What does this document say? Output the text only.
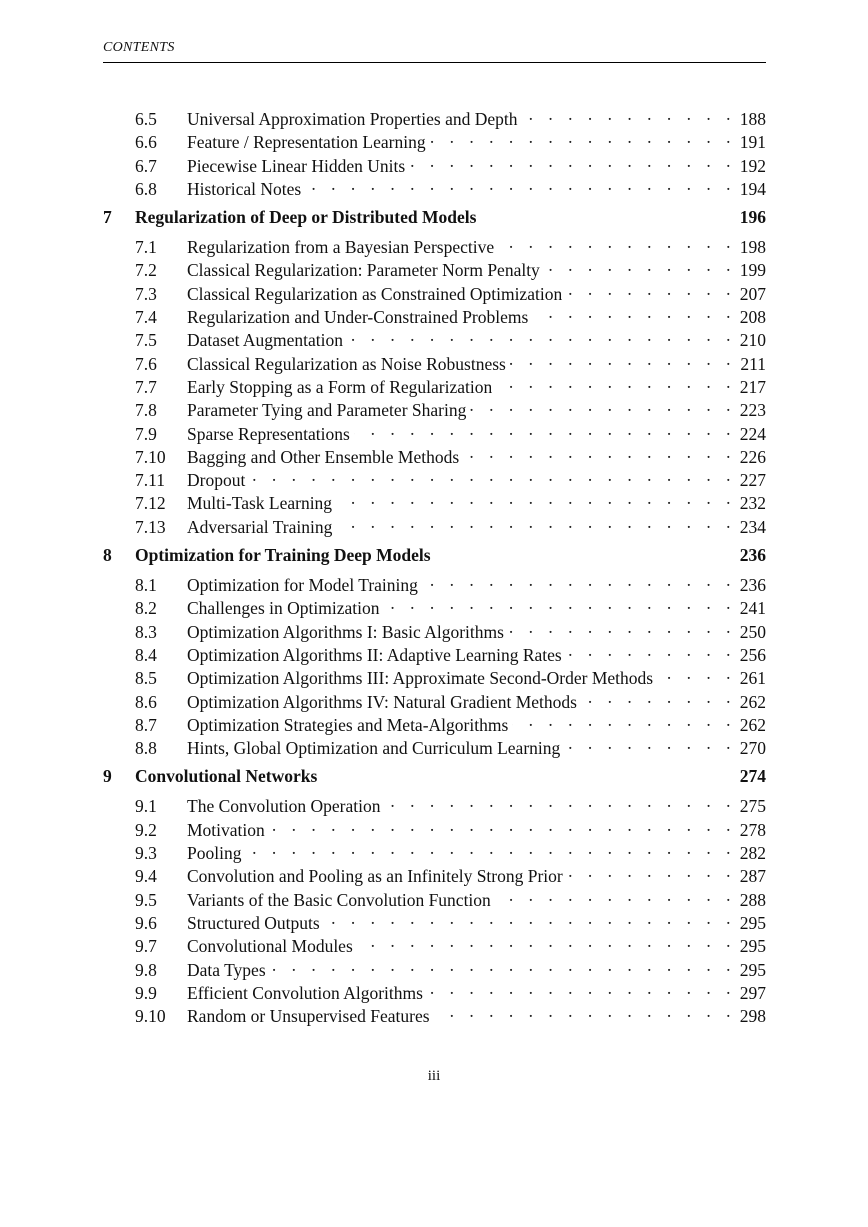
CONTENTS
6.5	Universal Approximation Properties and Depth . . .	188
6.6	Feature / Representation Learning . . .	191
6.7	Piecewise Linear Hidden Units . . .	192
6.8	Historical Notes . . .	194
7	Regularization of Deep or Distributed Models	196
7.1	Regularization from a Bayesian Perspective . . .	198
7.2	Classical Regularization: Parameter Norm Penalty . . .	199
7.3	Classical Regularization as Constrained Optimization . . .	207
7.4	Regularization and Under-Constrained Problems . . .	208
7.5	Dataset Augmentation . . .	210
7.6	Classical Regularization as Noise Robustness . . .	211
7.7	Early Stopping as a Form of Regularization . . .	217
7.8	Parameter Tying and Parameter Sharing . . .	223
7.9	Sparse Representations . . .	224
7.10	Bagging and Other Ensemble Methods . . .	226
7.11	Dropout . . .	227
7.12	Multi-Task Learning . . .	232
7.13	Adversarial Training . . .	234
8	Optimization for Training Deep Models	236
8.1	Optimization for Model Training . . .	236
8.2	Challenges in Optimization . . .	241
8.3	Optimization Algorithms I: Basic Algorithms . . .	250
8.4	Optimization Algorithms II: Adaptive Learning Rates . . .	256
8.5	Optimization Algorithms III: Approximate Second-Order Methods . . .	261
8.6	Optimization Algorithms IV: Natural Gradient Methods . . .	262
8.7	Optimization Strategies and Meta-Algorithms . . .	262
8.8	Hints, Global Optimization and Curriculum Learning . . .	270
9	Convolutional Networks	274
9.1	The Convolution Operation . . .	275
9.2	Motivation . . .	278
9.3	Pooling . . .	282
9.4	Convolution and Pooling as an Infinitely Strong Prior . . .	287
9.5	Variants of the Basic Convolution Function . . .	288
9.6	Structured Outputs . . .	295
9.7	Convolutional Modules . . .	295
9.8	Data Types . . .	295
9.9	Efficient Convolution Algorithms . . .	297
9.10	Random or Unsupervised Features . . .	298
iii
